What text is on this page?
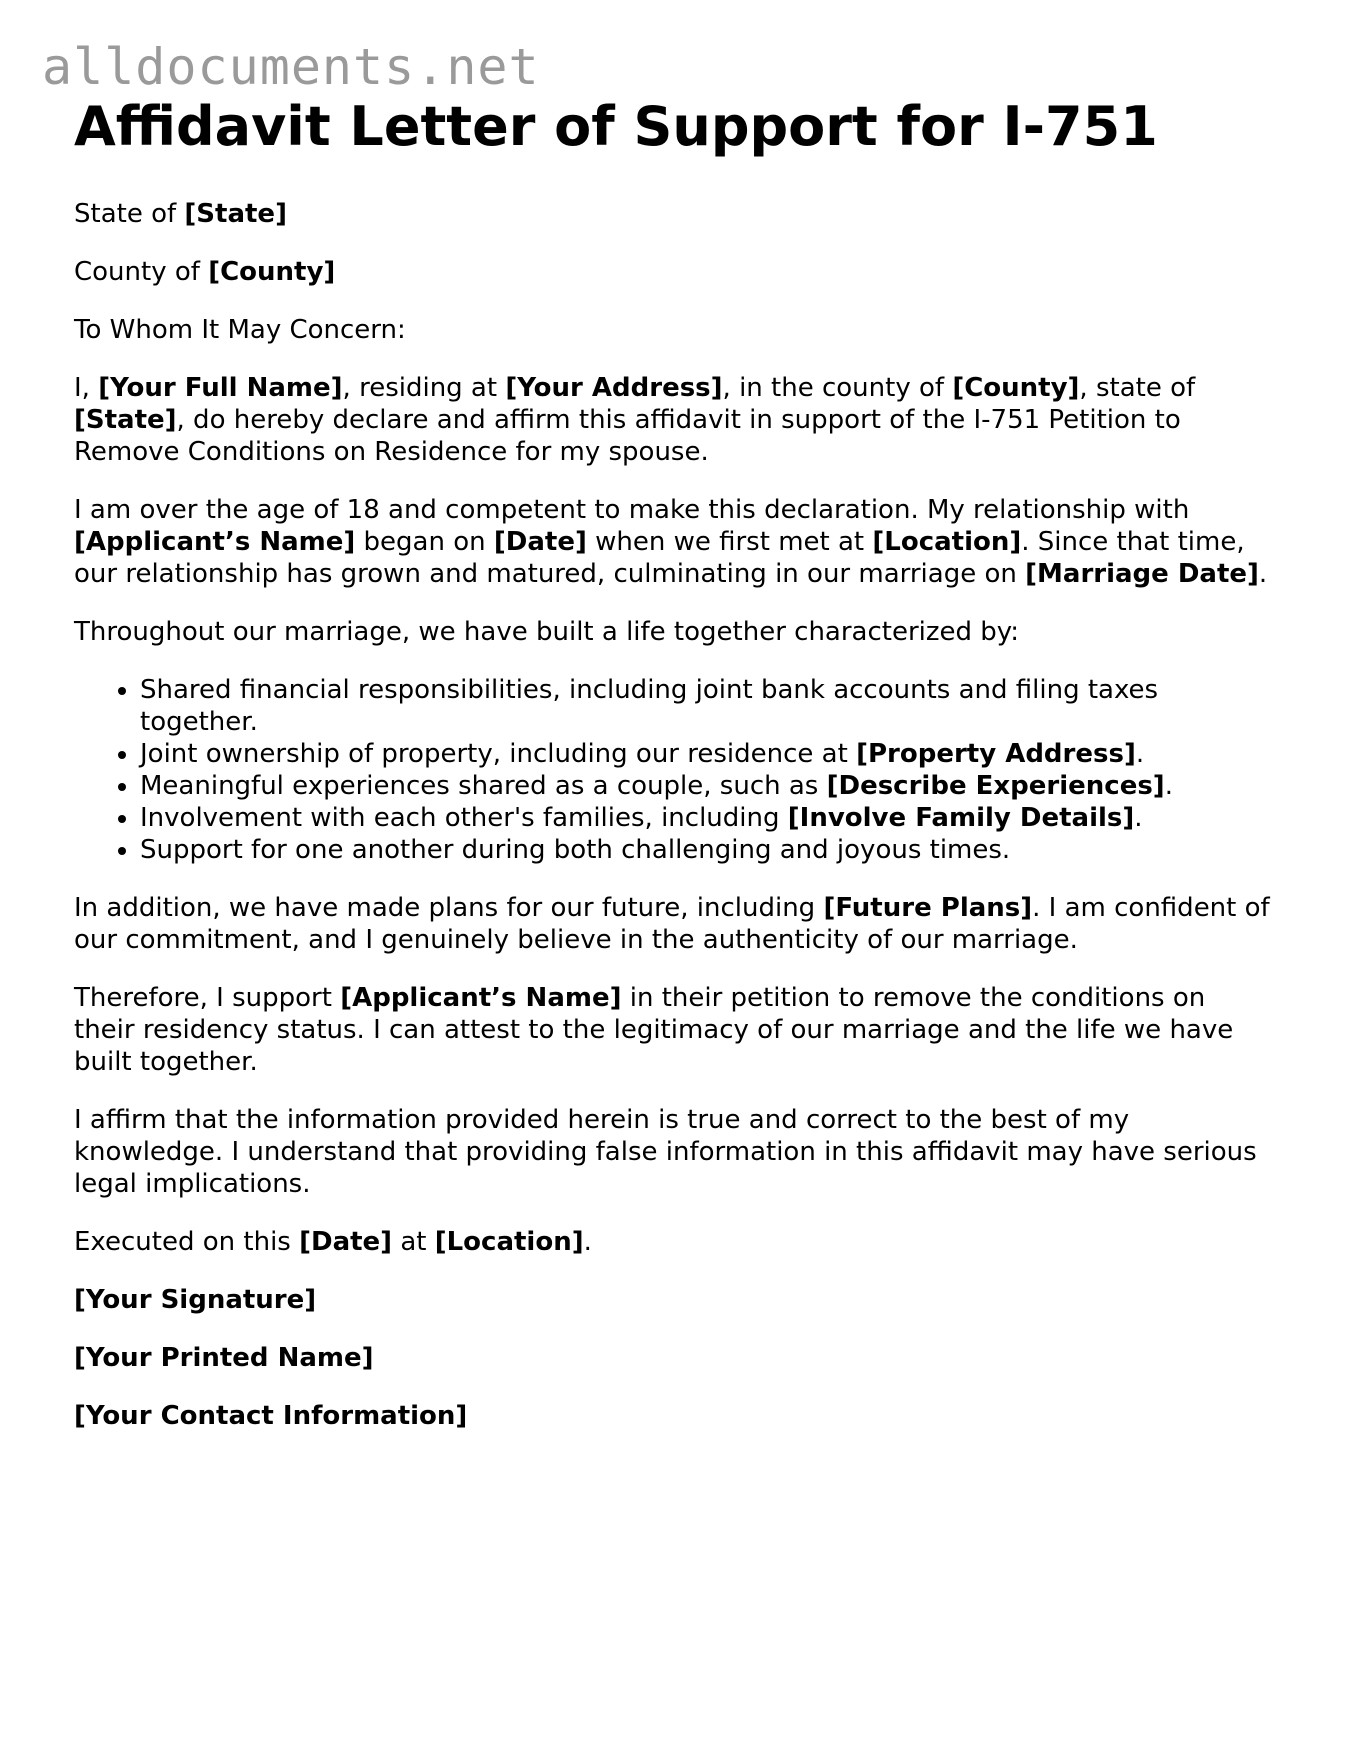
alldocuments.net
Affidavit Letter of Support for I-751

State of [State]

County of [County]

To Whom It May Concern:

I, [Your Full Name], residing at [Your Address], in the county of [County], state of [State], do hereby declare and affirm this affidavit in support of the I-751 Petition to Remove Conditions on Residence for my spouse.

I am over the age of 18 and competent to make this declaration. My relationship with [Applicant’s Name] began on [Date] when we first met at [Location]. Since that time, our relationship has grown and matured, culminating in our marriage on [Marriage Date].

Throughout our marriage, we have built a life together characterized by:

• Shared financial responsibilities, including joint bank accounts and filing taxes together.
• Joint ownership of property, including our residence at [Property Address].
• Meaningful experiences shared as a couple, such as [Describe Experiences].
• Involvement with each other's families, including [Involve Family Details].
• Support for one another during both challenging and joyous times.

In addition, we have made plans for our future, including [Future Plans]. I am confident of our commitment, and I genuinely believe in the authenticity of our marriage.

Therefore, I support [Applicant’s Name] in their petition to remove the conditions on their residency status. I can attest to the legitimacy of our marriage and the life we have built together.

I affirm that the information provided herein is true and correct to the best of my knowledge. I understand that providing false information in this affidavit may have serious legal implications.

Executed on this [Date] at [Location].

[Your Signature]

[Your Printed Name]

[Your Contact Information]
